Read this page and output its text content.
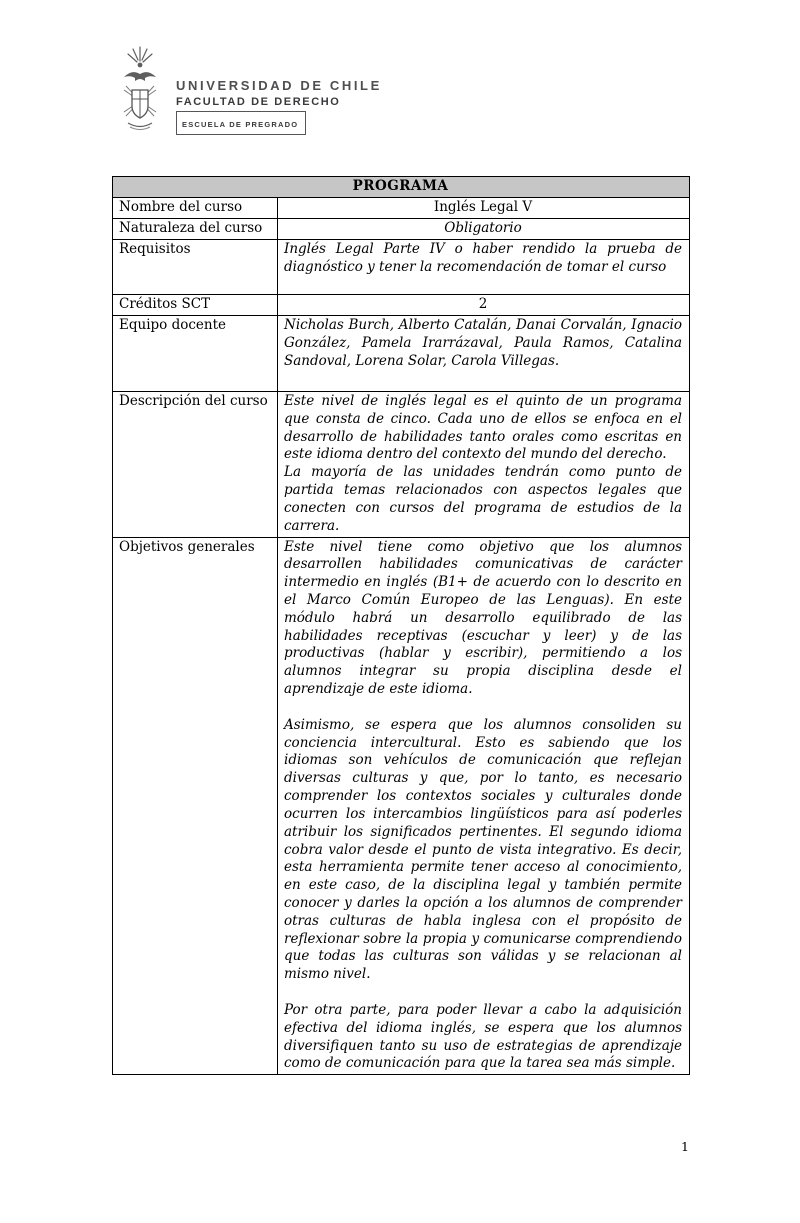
UNIVERSIDAD DE CHILE
FACULTAD DE DERECHO
ESCUELA DE PREGRADO
PROGRAMA	
Nombre del curso	Inglés Legal V
Naturaleza del curso	Obligatorio
Requisitos	Inglés Legal Parte IV o haber rendido la prueba de diagnóstico y tener la recomendación de tomar el curso
Créditos SCT	2
Equipo docente	Nicholas Burch, Alberto Catalán, Danai Corvalán, Ignacio González, Pamela Irarrázaval, Paula Ramos, Catalina Sandoval, Lorena Solar, Carola Villegas.
Descripción del curso	Este nivel de inglés legal es el quinto de un programa que consta de cinco. Cada uno de ellos se enfoca en el desarrollo de habilidades tanto orales como escritas en este idioma dentro del contexto del mundo del derecho.

La mayoría de las unidades tendrán como punto de partida temas relacionados con aspectos legales que conecten con cursos del programa de estudios de la carrera.

Objetivos generales	Este nivel tiene como objetivo que los alumnos desarrollen habilidades comunicativas de carácter intermedio en inglés (B1+ de acuerdo con lo descrito en el Marco Común Europeo de las Lenguas). En este módulo habrá un desarrollo equilibrado de las habilidades receptivas (escuchar y leer) y de las productivas (hablar y escribir), permitiendo a los alumnos integrar su propia disciplina desde el aprendizaje de este idioma.

Asimismo, se espera que los alumnos consoliden su conciencia intercultural. Esto es sabiendo que los idiomas son vehículos de comunicación que reflejan diversas culturas y que, por lo tanto, es necesario comprender los contextos sociales y culturales donde ocurren los intercambios lingüísticos para así poderles atribuir los significados pertinentes. El segundo idioma cobra valor desde el punto de vista integrativo. Es decir, esta herramienta permite tener acceso al conocimiento, en este caso, de la disciplina legal y también permite conocer y darles la opción a los alumnos de comprender otras culturas de habla inglesa con el propósito de reflexionar sobre la propia y comunicarse comprendiendo que todas las culturas son válidas y se relacionan al mismo nivel.

Por otra parte, para poder llevar a cabo la adquisición efectiva del idioma inglés, se espera que los alumnos diversifiquen tanto su uso de estrategias de aprendizaje como de comunicación para que la tarea sea más simple.

1
